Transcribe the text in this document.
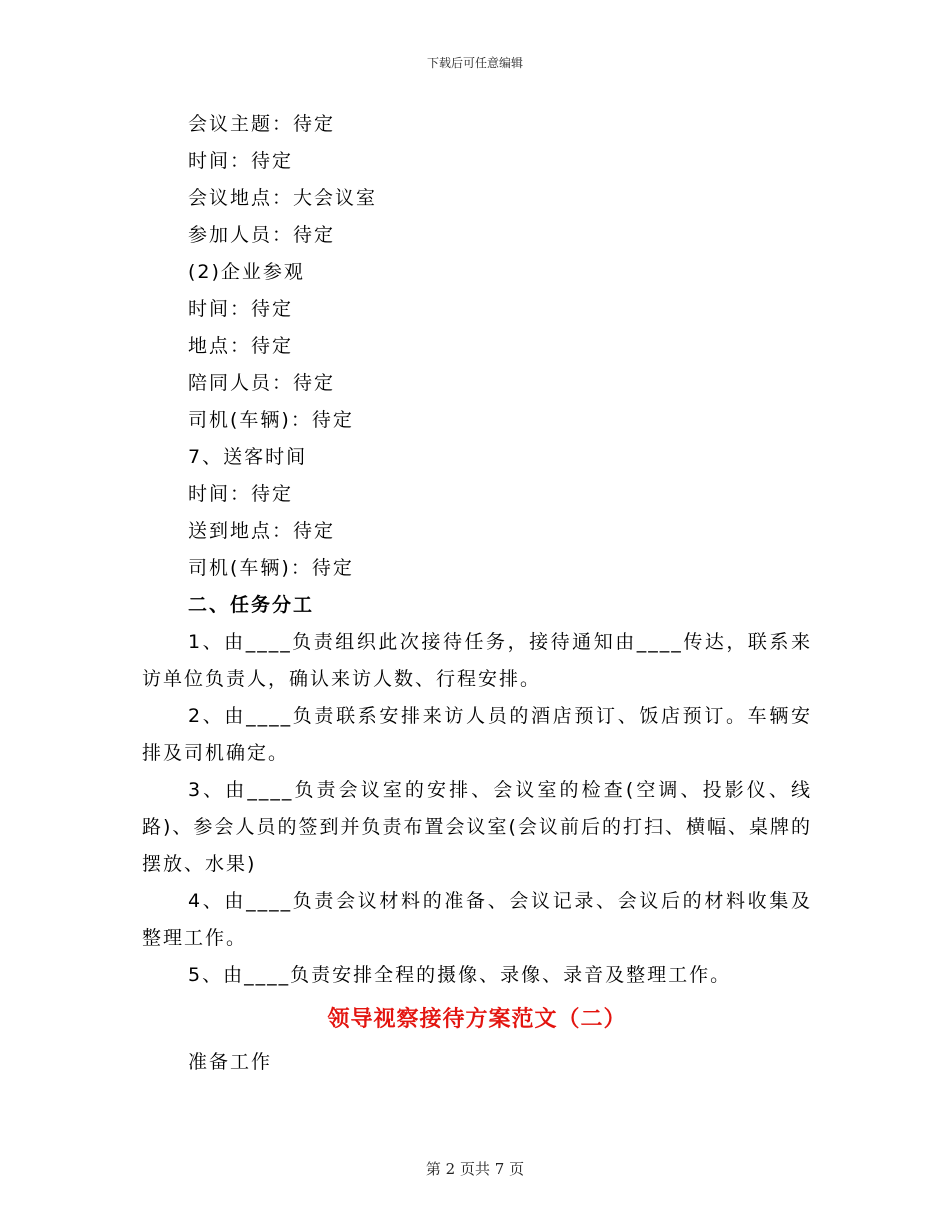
下载后可任意编辑
会议主题：待定
时间：待定
会议地点：大会议室
参加人员：待定
(2)企业参观
时间：待定
地点：待定
陪同人员：待定
司机(车辆)：待定
7、送客时间
时间：待定
送到地点：待定
司机(车辆)：待定
二、任务分工

1、由____负责组织此次接待任务，接待通知由____传达，联系来访单位负责人，确认来访人数、行程安排。

2、由____负责联系安排来访人员的酒店预订、饭店预订。车辆安排及司机确定。

3、由____负责会议室的安排、会议室的检查(空调、投影仪、线路)、参会人员的签到并负责布置会议室(会议前后的打扫、横幅、桌牌的摆放、水果)

4、由____负责会议材料的准备、会议记录、会议后的材料收集及整理工作。

5、由____负责安排全程的摄像、录像、录音及整理工作。

领导视察接待方案范文（二）
准备工作
第 2 页共 7 页
